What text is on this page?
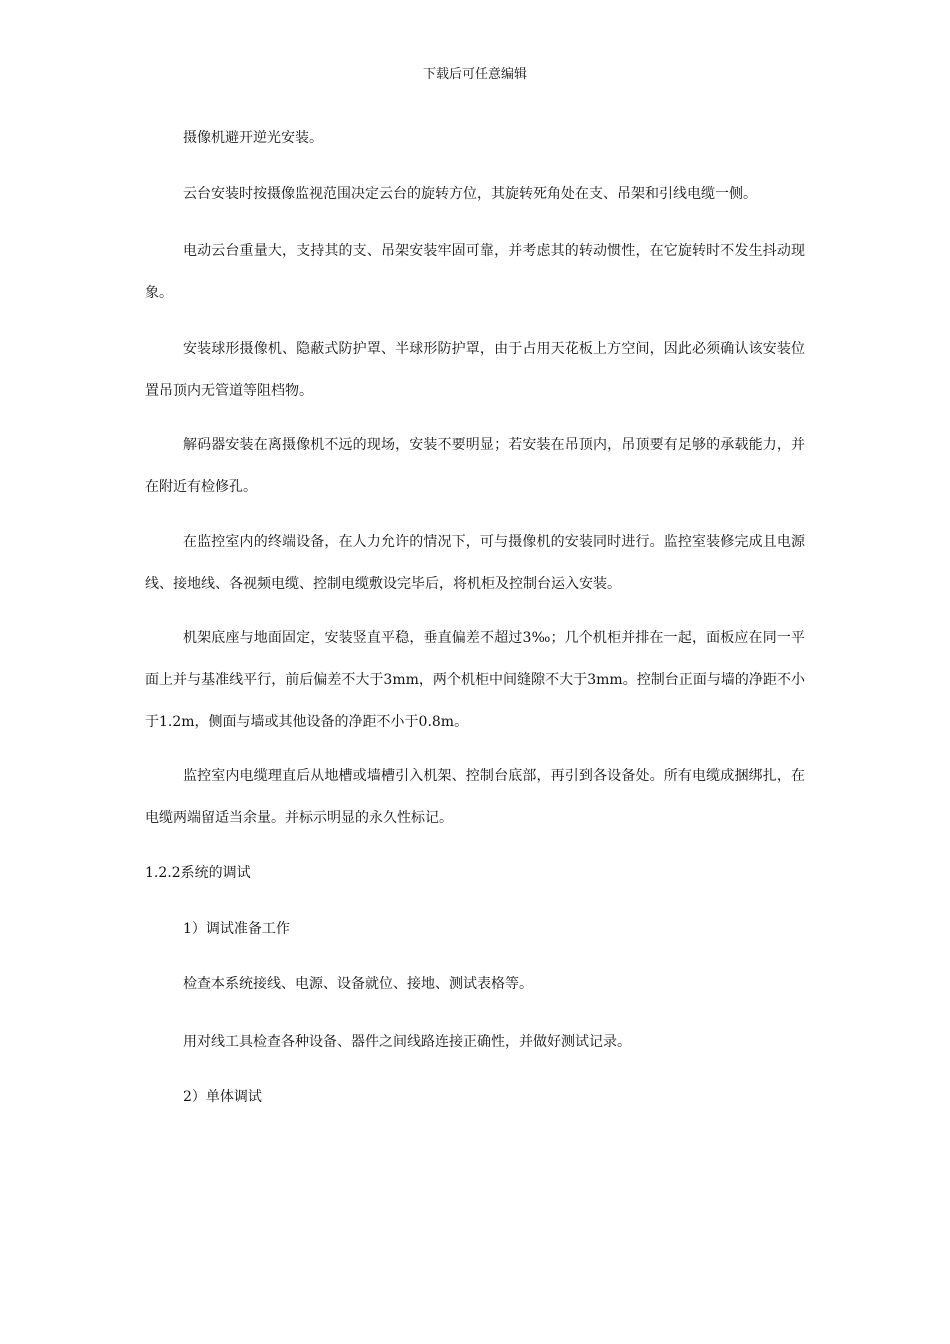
下载后可任意编辑

摄像机避开逆光安装。

云台安装时按摄像监视范围决定云台的旋转方位，其旋转死角处在支、吊架和引线电缆一侧。

电动云台重量大，支持其的支、吊架安装牢固可靠，并考虑其的转动惯性，在它旋转时不发生抖动现象。

安装球形摄像机、隐蔽式防护罩、半球形防护罩，由于占用天花板上方空间，因此必须确认该安装位置吊顶内无管道等阻档物。

解码器安装在离摄像机不远的现场，安装不要明显；若安装在吊顶内，吊顶要有足够的承载能力，并在附近有检修孔。

在监控室内的终端设备，在人力允许的情况下，可与摄像机的安装同时进行。监控室装修完成且电源线、接地线、各视频电缆、控制电缆敷设完毕后，将机柜及控制台运入安装。

机架底座与地面固定，安装竖直平稳，垂直偏差不超过3‰；几个机柜并排在一起，面板应在同一平面上并与基准线平行，前后偏差不大于3mm，两个机柜中间缝隙不大于3mm。控制台正面与墙的净距不小于1.2m，侧面与墙或其他设备的净距不小于0.8m。

监控室内电缆理直后从地槽或墙槽引入机架、控制台底部，再引到各设备处。所有电缆成捆绑扎，在电缆两端留适当余量。并标示明显的永久性标记。

1.2.2系统的调试

1）调试准备工作

检查本系统接线、电源、设备就位、接地、测试表格等。

用对线工具检查各种设备、器件之间线路连接正确性，并做好测试记录。

2）单体调试
